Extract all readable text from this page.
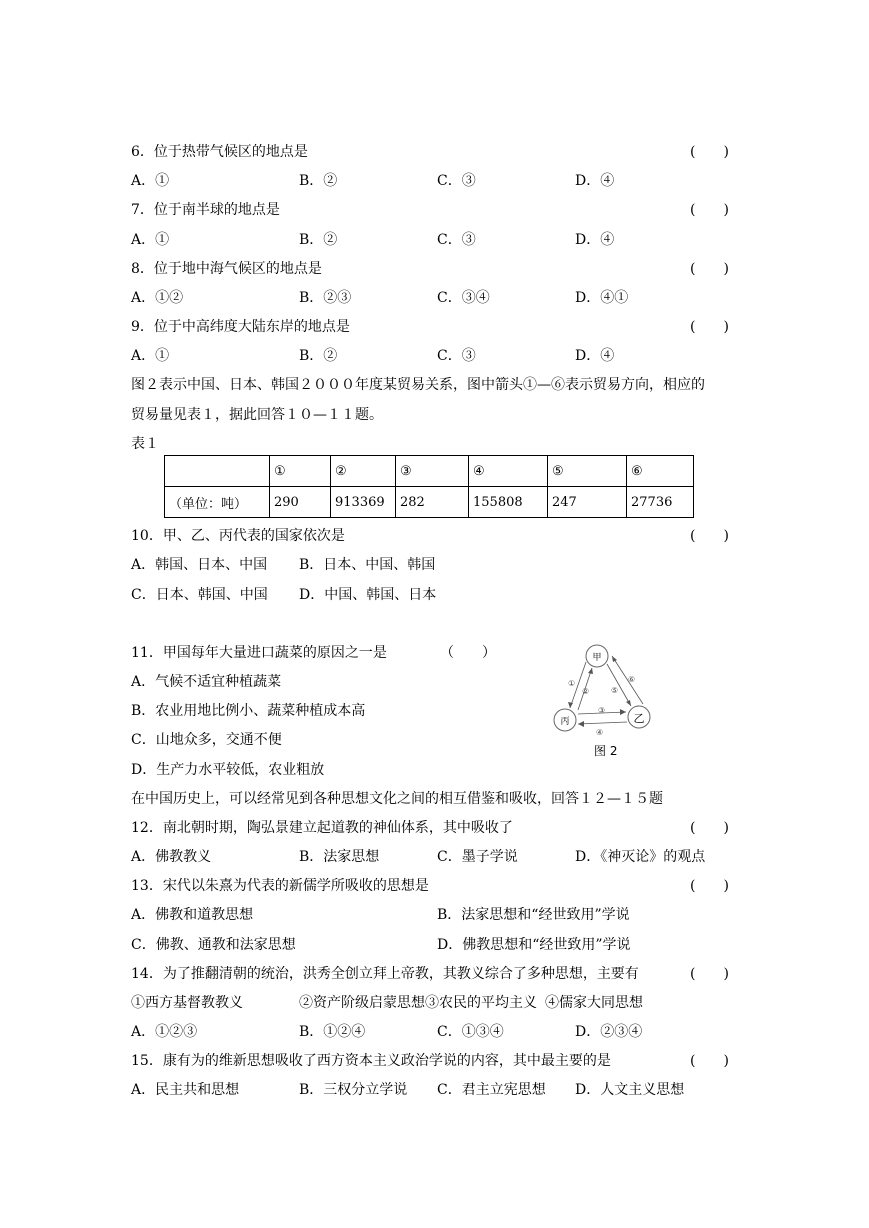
6．位于热带气候区的地点是	(　　)
A．①	B．②	C．③	D．④
7．位于南半球的地点是	(　　)
A．①	B．②	C．③	D．④
8．位于地中海气候区的地点是	(　　)
A．①②	B．②③	C．③④	D．④①
9．位于中高纬度大陆东岸的地点是	(　　)
A．①	B．②	C．③	D．④
图２表示中国、日本、韩国２０００年度某贸易关系，图中箭头①—⑥表示贸易方向，相应的
贸易量见表１，据此回答１０—１１题。
表１
	①	②	③	④	⑤	⑥
（单位：吨）	290	913369	282	155808	247	27736
10．甲、乙、丙代表的国家依次是	(　　)
A．韩国、日本、中国 B．日本、中国、韩国
C．日本、韩国、中国 D．中国、韩国、日本
11．甲国每年大量进口蔬菜的原因之一是	（　　）
A．气候不适宜种植蔬菜
B．农业用地比例小、蔬菜种植成本高
C．山地众多，交通不便
D．生产力水平较低，农业粗放
甲
丙	乙
①
②
③
④
⑤
⑥
图 2
在中国历史上，可以经常见到各种思想文化之间的相互借鉴和吸收，回答１２—１５题
12．南北朝时期，陶弘景建立起道教的神仙体系，其中吸收了	(　　)
A．佛教教义	B．法家思想	C．墨子学说	D．《神灭论》的观点
13．宋代以朱熹为代表的新儒学所吸收的思想是	(　　)
A．佛教和道教思想	B．法家思想和“经世致用”学说
C．佛教、通教和法家思想	D．佛教思想和“经世致用”学说
14．为了推翻清朝的统治，洪秀全创立拜上帝教，其教义综合了多种思想，主要有	(　　)
①西方基督教教义	②资产阶级启蒙思想③农民的平均主义 ④儒家大同思想
A．①②③	B．①②④	C．①③④	D．②③④
15．康有为的维新思想吸收了西方资本主义政治学说的内容，其中最主要的是	(　　)
A．民主共和思想	B．三权分立学说 C．君主立宪思想 D．人文主义思想
